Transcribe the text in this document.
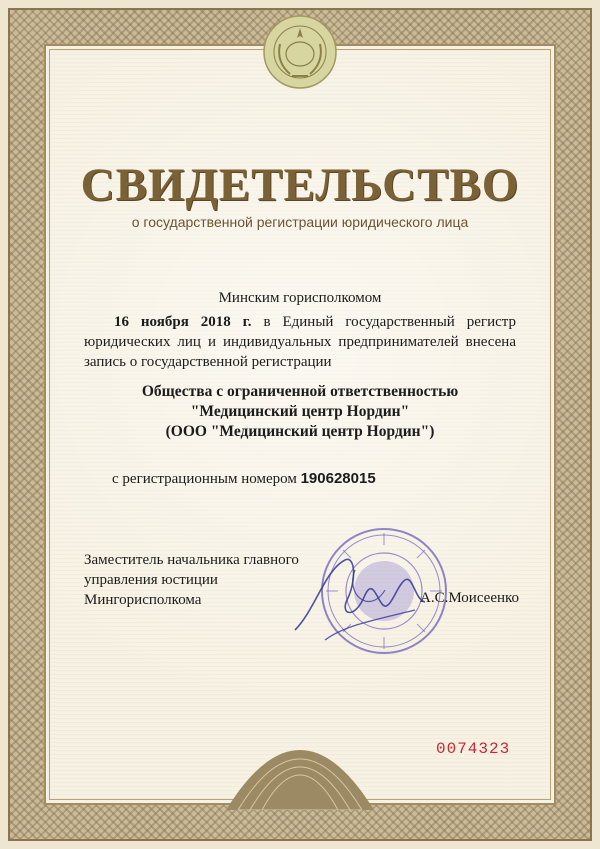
СВИДЕТЕЛЬСТВО
о государственной регистрации юридического лица
Минским горисполкомом
16 ноября 2018 г. в Единый государственный регистр
юридических лиц и индивидуальных предпринимателей внесена запись о государственной регистрации
Общества с ограниченной ответственностью
"Медицинский центр Нордин"
(ООО "Медицинский центр Нордин")
с регистрационным номером 190628015
Заместитель начальника главного
управления юстиции
Мингорисполкома	А.С.Моисеенко
0074323
